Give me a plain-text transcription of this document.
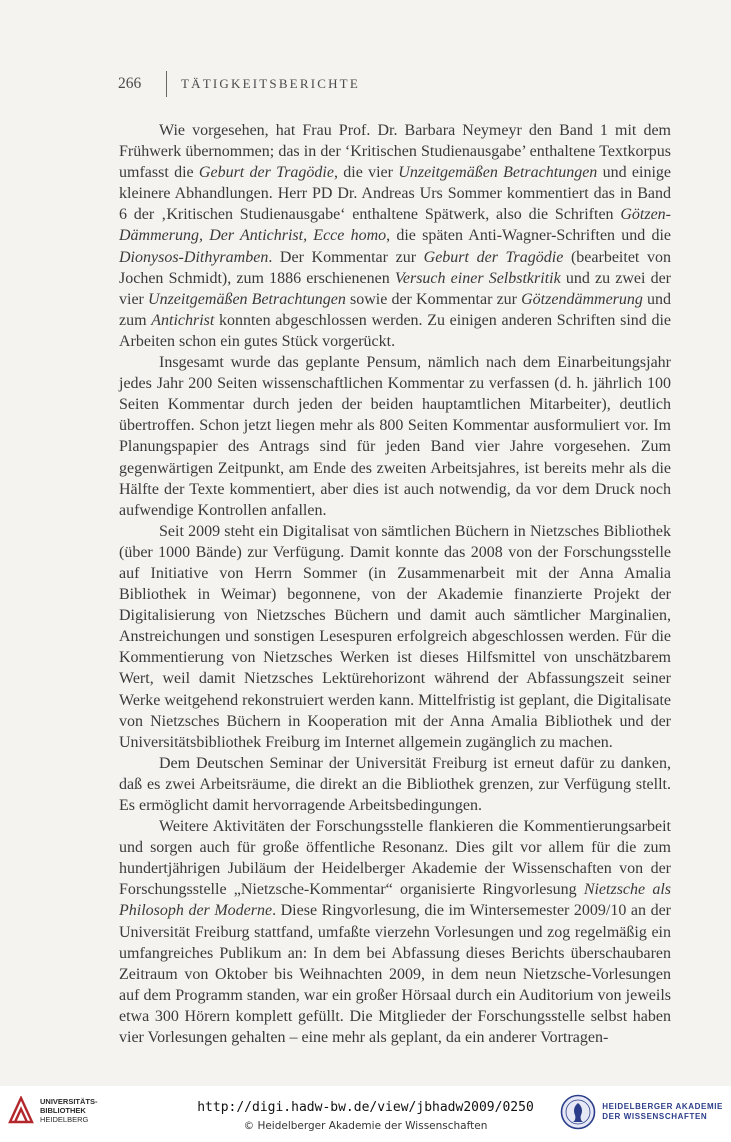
266	TÄTIGKEITSBERICHTE

Wie vorgesehen, hat Frau Prof. Dr. Barbara Neymeyr den Band 1 mit dem Frühwerk übernommen; das in der ‘Kritischen Studienausgabe’ enthaltene Textkorpus umfasst die Geburt der Tragödie, die vier Unzeitgemäßen Betrachtungen und einige kleinere Abhandlungen. Herr PD Dr. Andreas Urs Sommer kommentiert das in Band 6 der ‚Kritischen Studienausgabe‘ enthaltene Spätwerk, also die Schriften Götzen-Dämmerung, Der Antichrist, Ecce homo, die späten Anti-Wagner-Schriften und die Dionysos-Dithyramben. Der Kommentar zur Geburt der Tragödie (bearbeitet von Jochen Schmidt), zum 1886 erschienenen Versuch einer Selbstkritik und zu zwei der vier Unzeitgemäßen Betrachtungen sowie der Kommentar zur Götzendämmerung und zum Antichrist konnten abgeschlossen werden. Zu einigen anderen Schriften sind die Arbeiten schon ein gutes Stück vorgerückt.

Insgesamt wurde das geplante Pensum, nämlich nach dem Einarbeitungsjahr jedes Jahr 200 Seiten wissenschaftlichen Kommentar zu verfassen (d. h. jährlich 100 Seiten Kommentar durch jeden der beiden hauptamtlichen Mitarbeiter), deutlich übertroffen. Schon jetzt liegen mehr als 800 Seiten Kommentar ausformuliert vor. Im Planungspapier des Antrags sind für jeden Band vier Jahre vorgesehen. Zum gegenwärtigen Zeitpunkt, am Ende des zweiten Arbeitsjahres, ist bereits mehr als die Hälfte der Texte kommentiert, aber dies ist auch notwendig, da vor dem Druck noch aufwendige Kontrollen anfallen.

Seit 2009 steht ein Digitalisat von sämtlichen Büchern in Nietzsches Bibliothek (über 1000 Bände) zur Verfügung. Damit konnte das 2008 von der Forschungsstelle auf Initiative von Herrn Sommer (in Zusammenarbeit mit der Anna Amalia Bibliothek in Weimar) begonnene, von der Akademie finanzierte Projekt der Digitalisierung von Nietzsches Büchern und damit auch sämtlicher Marginalien, Anstreichungen und sonstigen Lesespuren erfolgreich abgeschlossen werden. Für die Kommentierung von Nietzsches Werken ist dieses Hilfsmittel von unschätzbarem Wert, weil damit Nietzsches Lektürehorizont während der Abfassungszeit seiner Werke weitgehend rekonstruiert werden kann. Mittelfristig ist geplant, die Digitalisate von Nietzsches Büchern in Kooperation mit der Anna Amalia Bibliothek und der Universitätsbibliothek Freiburg im Internet allgemein zugänglich zu machen.

Dem Deutschen Seminar der Universität Freiburg ist erneut dafür zu danken, daß es zwei Arbeitsräume, die direkt an die Bibliothek grenzen, zur Verfügung stellt. Es ermöglicht damit hervorragende Arbeitsbedingungen.

Weitere Aktivitäten der Forschungsstelle flankieren die Kommentierungsarbeit und sorgen auch für große öffentliche Resonanz. Dies gilt vor allem für die zum hundertjährigen Jubiläum der Heidelberger Akademie der Wissenschaften von der Forschungsstelle „Nietzsche-Kommentar“ organisierte Ringvorlesung Nietzsche als Philosoph der Moderne. Diese Ringvorlesung, die im Wintersemester 2009/10 an der Universität Freiburg stattfand, umfaßte vierzehn Vorlesungen und zog regelmäßig ein umfangreiches Publikum an: In dem bei Abfassung dieses Berichts überschaubaren Zeitraum von Oktober bis Weihnachten 2009, in dem neun Nietzsche-Vorlesungen auf dem Programm standen, war ein großer Hörsaal durch ein Auditorium von jeweils etwa 300 Hörern komplett gefüllt. Die Mitglieder der Forschungsstelle selbst haben vier Vorlesungen gehalten – eine mehr als geplant, da ein anderer Vortragen-

UNIVERSITÄTS-
BIBLIOTHEK
HEIDELBERG
http://digi.hadw-bw.de/view/jbhadw2009/0250
© Heidelberger Akademie der Wissenschaften
HEIDELBERGER AKADEMIE
DER WISSENSCHAFTEN
